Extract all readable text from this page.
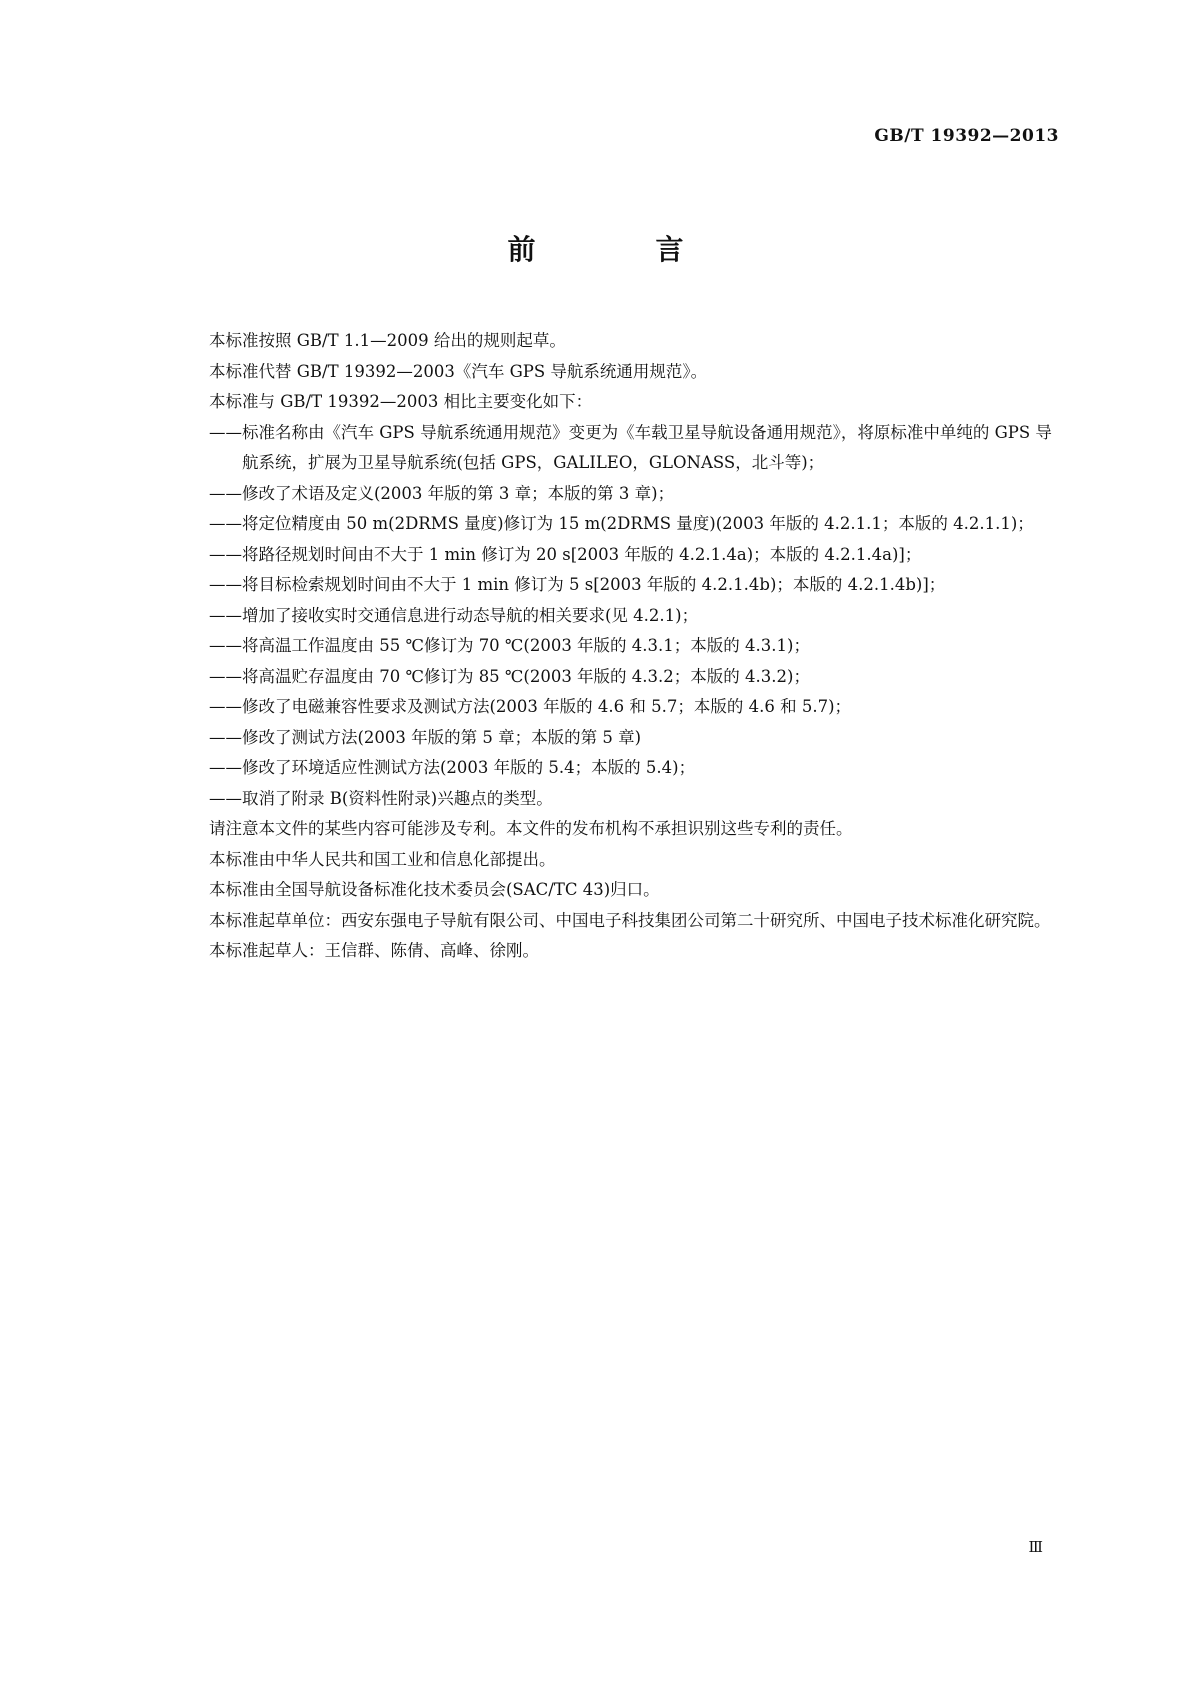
GB/T 19392—2013
前　言

本标准按照 GB/T 1.1—2009 给出的规则起草。

本标准代替 GB/T 19392—2003《汽车 GPS 导航系统通用规范》。

本标准与 GB/T 19392—2003 相比主要变化如下：

——标准名称由《汽车 GPS 导航系统通用规范》变更为《车载卫星导航设备通用规范》，将原标准中单纯的 GPS 导航系统，扩展为卫星导航系统(包括 GPS，GALILEO，GLONASS，北斗等)；
——修改了术语及定义(2003 年版的第 3 章；本版的第 3 章)；
——将定位精度由 50 m(2DRMS 量度)修订为 15 m(2DRMS 量度)(2003 年版的 4.2.1.1；本版的 4.2.1.1)；
——将路径规划时间由不大于 1 min 修订为 20 s[2003 年版的 4.2.1.4a)；本版的 4.2.1.4a)]；
——将目标检索规划时间由不大于 1 min 修订为 5 s[2003 年版的 4.2.1.4b)；本版的 4.2.1.4b)]；
——增加了接收实时交通信息进行动态导航的相关要求(见 4.2.1)；
——将高温工作温度由 55 ℃修订为 70 ℃(2003 年版的 4.3.1；本版的 4.3.1)；
——将高温贮存温度由 70 ℃修订为 85 ℃(2003 年版的 4.3.2；本版的 4.3.2)；
——修改了电磁兼容性要求及测试方法(2003 年版的 4.6 和 5.7；本版的 4.6 和 5.7)；
——修改了测试方法(2003 年版的第 5 章；本版的第 5 章)
——修改了环境适应性测试方法(2003 年版的 5.4；本版的 5.4)；
——取消了附录 B(资料性附录)兴趣点的类型。

请注意本文件的某些内容可能涉及专利。本文件的发布机构不承担识别这些专利的责任。

本标准由中华人民共和国工业和信息化部提出。

本标准由全国导航设备标准化技术委员会(SAC/TC 43)归口。

本标准起草单位：西安东强电子导航有限公司、中国电子科技集团公司第二十研究所、中国电子技术标准化研究院。

本标准起草人：王信群、陈倩、高峰、徐刚。

Ⅲ
